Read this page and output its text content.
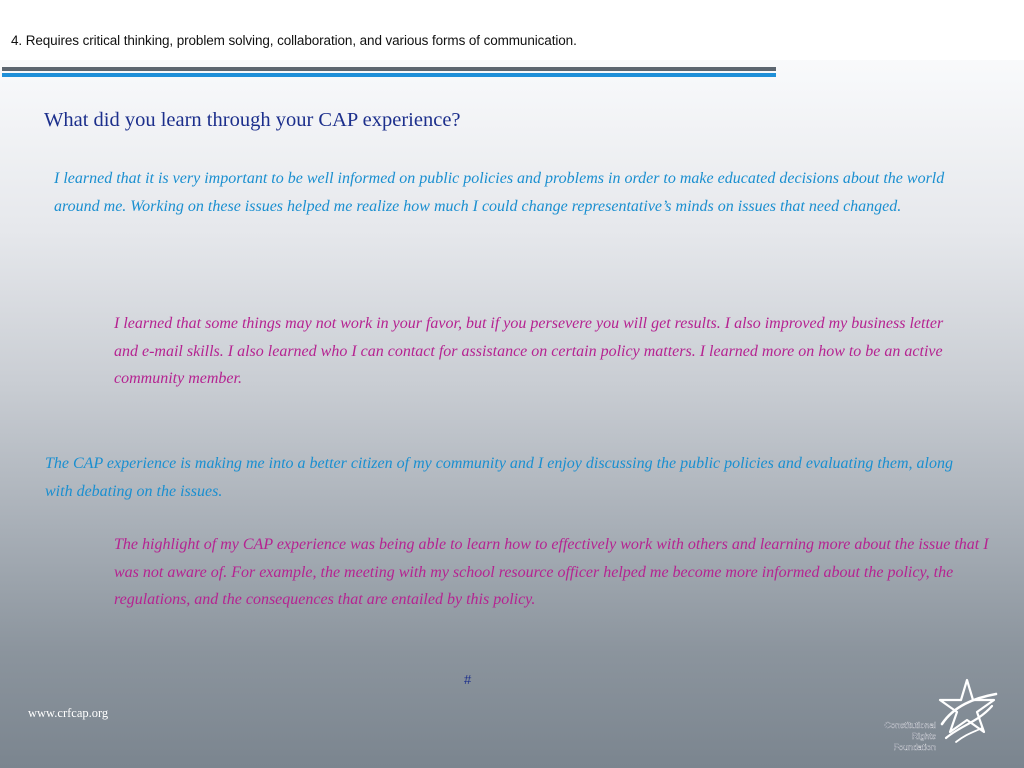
4. Requires critical thinking, problem solving, collaboration, and various forms of communication.
What did you learn through your CAP experience?

I learned that it is very important to be well informed on public policies and problems in order to make educated decisions about the world around me. Working on these issues helped me realize how much I could change representative’s minds on issues that need changed.

I learned that some things may not work in your favor, but if you persevere you will get results. I also improved my business letter and e-mail skills. I also learned who I can contact for assistance on certain policy matters. I learned more on how to be an active community member.

The CAP experience is making me into a better citizen of my community and I enjoy discussing the public policies and evaluating them, along with debating on the issues.

The highlight of my CAP experience was being able to learn how to effectively work with others and learning more about the issue that I was not aware of. For example, the meeting with my school resource officer helped me become more informed about the policy, the regulations, and the consequences that are entailed by this policy.

#
www.crfcap.org
Constitutional
Rights
Foundation
